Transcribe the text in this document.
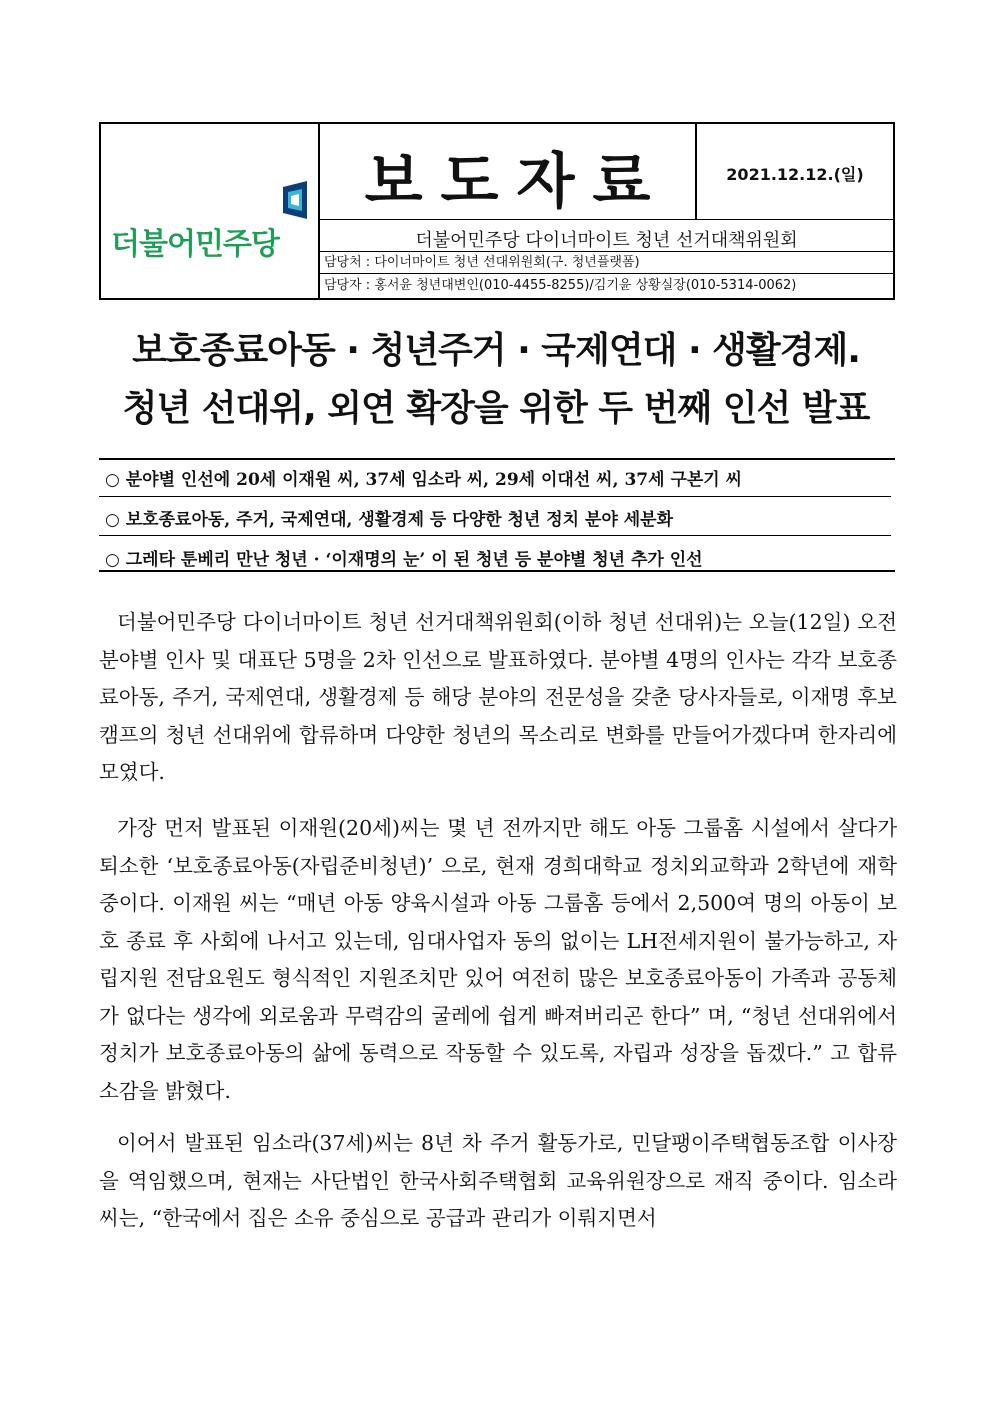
더불어민주당
보도자료	2021.12.12.(일)
더불어민주당 다이너마이트 청년 선거대책위원회
담당처 : 다이너마이트 청년 선대위원회(구. 청년플랫폼)
담당자 : 홍서윤 청년대변인(010-4455-8255)/김기윤 상황실장(010-5314-0062)
보호종료아동 · 청년주거 · 국제연대 · 생활경제.
청년 선대위, 외연 확장을 위한 두 번째 인선 발표
○ 분야별 인선에 20세 이재원 씨, 37세 임소라 씨, 29세 이대선 씨, 37세 구본기 씨
○ 보호종료아동, 주거, 국제연대, 생활경제 등 다양한 청년 정치 분야 세분화
○ 그레타 툰베리 만난 청년 · ‘이재명의 눈’ 이 된 청년 등 분야별 청년 추가 인선
더불어민주당 다이너마이트 청년 선거대책위원회(이하 청년 선대위)는 오늘(12일) 오전 분야별 인사 및 대표단 5명을 2차 인선으로 발표하였다. 분야별 4명의 인사는 각각 보호종료아동, 주거, 국제연대, 생활경제 등 해당 분야의 전문성을 갖춘 당사자들로, 이재명 후보 캠프의 청년 선대위에 합류하며 다양한 청년의 목소리로 변화를 만들어가겠다며 한자리에 모였다.
가장 먼저 발표된 이재원(20세)씨는 몇 년 전까지만 해도 아동 그룹홈 시설에서 살다가 퇴소한 ‘보호종료아동(자립준비청년)’ 으로, 현재 경희대학교 정치외교학과 2학년에 재학 중이다. 이재원 씨는 “매년 아동 양육시설과 아동 그룹홈 등에서 2,500여 명의 아동이 보호 종료 후 사회에 나서고 있는데, 임대사업자 동의 없이는 LH전세지원이 불가능하고, 자립지원 전담요원도 형식적인 지원조치만 있어 여전히 많은 보호종료아동이 가족과 공동체가 없다는 생각에 외로움과 무력감의 굴레에 쉽게 빠져버리곤 한다” 며, “청년 선대위에서 정치가 보호종료아동의 삶에 동력으로 작동할 수 있도록, 자립과 성장을 돕겠다.” 고 합류 소감을 밝혔다.
이어서 발표된 임소라(37세)씨는 8년 차 주거 활동가로, 민달팽이주택협동조합 이사장을 역임했으며, 현재는 사단법인 한국사회주택협회 교육위원장으로 재직 중이다. 임소라 씨는, “한국에서 집은 소유 중심으로 공급과 관리가 이뤄지면서
